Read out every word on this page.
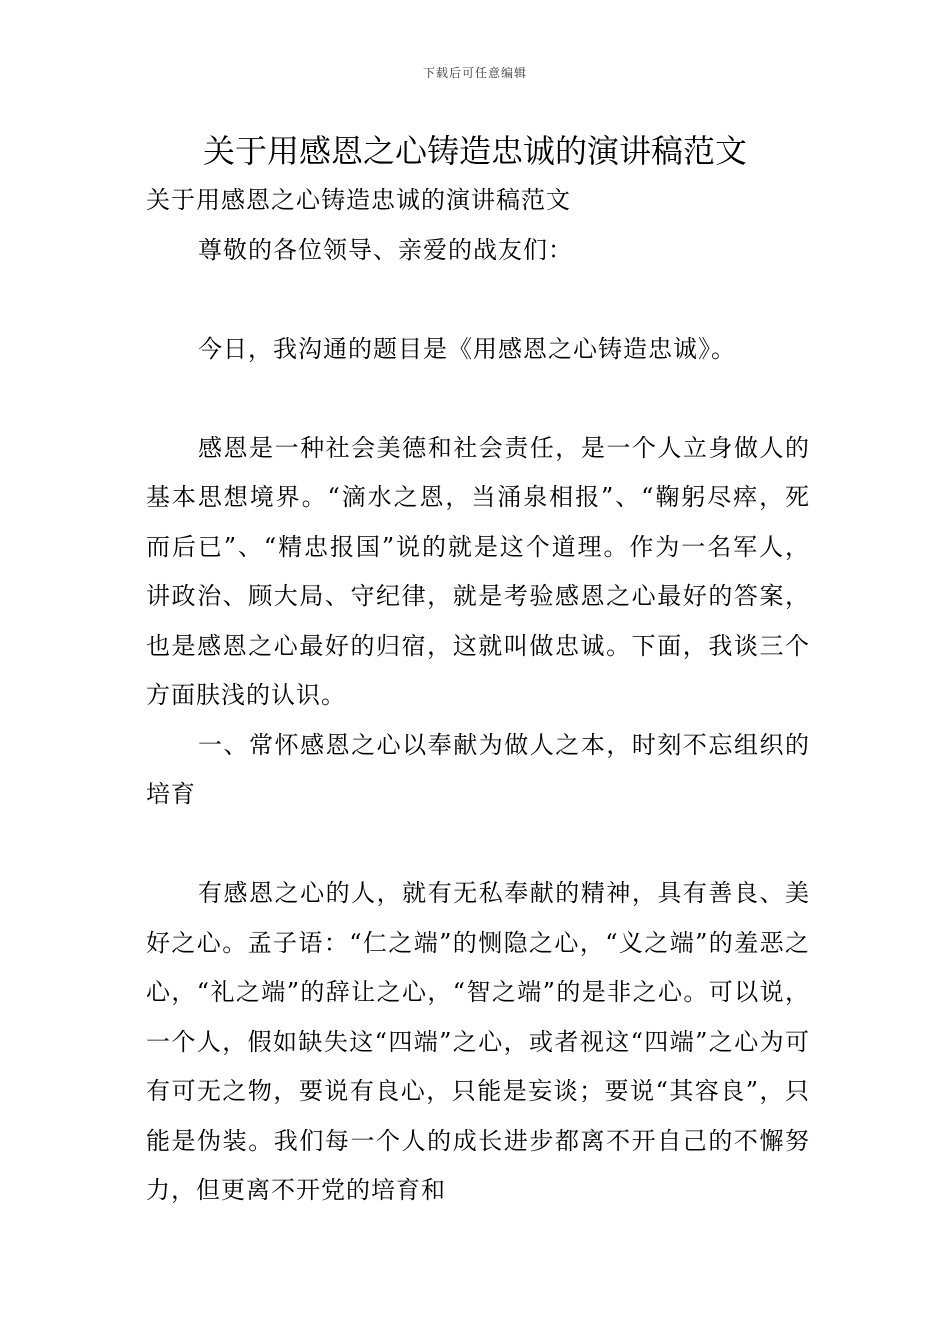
下载后可任意编辑
关于用感恩之心铸造忠诚的演讲稿范文

关于用感恩之心铸造忠诚的演讲稿范文

尊敬的各位领导、亲爱的战友们：

今日，我沟通的题目是《用感恩之心铸造忠诚》。

感恩是一种社会美德和社会责任，是一个人立身做人的基本思想境界。“滴水之恩，当涌泉相报”、“鞠躬尽瘁，死而后已”、“精忠报国”说的就是这个道理。作为一名军人，讲政治、顾大局、守纪律，就是考验感恩之心最好的答案，也是感恩之心最好的归宿，这就叫做忠诚。下面，我谈三个方面肤浅的认识。

一、常怀感恩之心以奉献为做人之本，时刻不忘组织的培育

有感恩之心的人，就有无私奉献的精神，具有善良、美好之心。孟子语：“仁之端”的恻隐之心，“义之端”的羞恶之心，“礼之端”的辞让之心，“智之端”的是非之心。可以说，一个人，假如缺失这“四端”之心，或者视这“四端”之心为可有可无之物，要说有良心，只能是妄谈；要说“其容良”，只能是伪装。我们每一个人的成长进步都离不开自己的不懈努力，但更离不开党的培育和
